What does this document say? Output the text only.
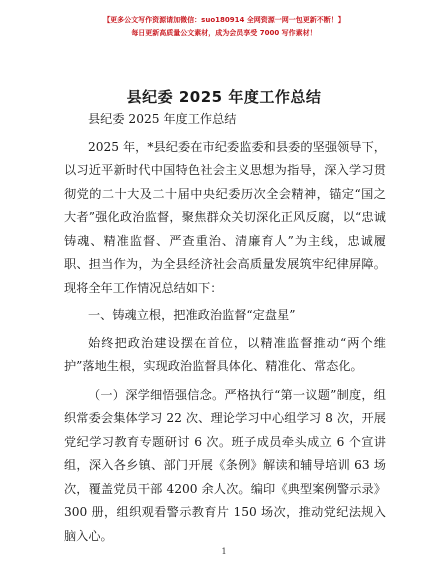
【更多公文写作资源请加微信：suo180914 全网资源一网一包更新不断！】
每日更新高质量公文素材，成为会员享受 7000 写作素材！
县纪委 2025 年度工作总结

县纪委 2025 年度工作总结

2025 年，*县纪委在市纪委监委和县委的坚强领导下，以习近平新时代中国特色社会主义思想为指导，深入学习贯彻党的二十大及二十届中央纪委历次全会精神，锚定“国之大者”强化政治监督，聚焦群众关切深化正风反腐，以“忠诚铸魂、精准监督、严查重治、清廉育人”为主线，忠诚履职、担当作为，为全县经济社会高质量发展筑牢纪律屏障。现将全年工作情况总结如下：

一、铸魂立根，把准政治监督“定盘星”

始终把政治建设摆在首位，以精准监督推动“两个维护”落地生根，实现政治监督具体化、精准化、常态化。

（一）深学细悟强信念。严格执行“第一议题”制度，组织常委会集体学习 22 次、理论学习中心组学习 8 次，开展党纪学习教育专题研讨 6 次。班子成员牵头成立 6 个宣讲组，深入各乡镇、部门开展《条例》解读和辅导培训 63 场次，覆盖党员干部 4200 余人次。编印《典型案例警示录》300 册，组织观看警示教育片 150 场次，推动党纪法规入脑入心。

1
